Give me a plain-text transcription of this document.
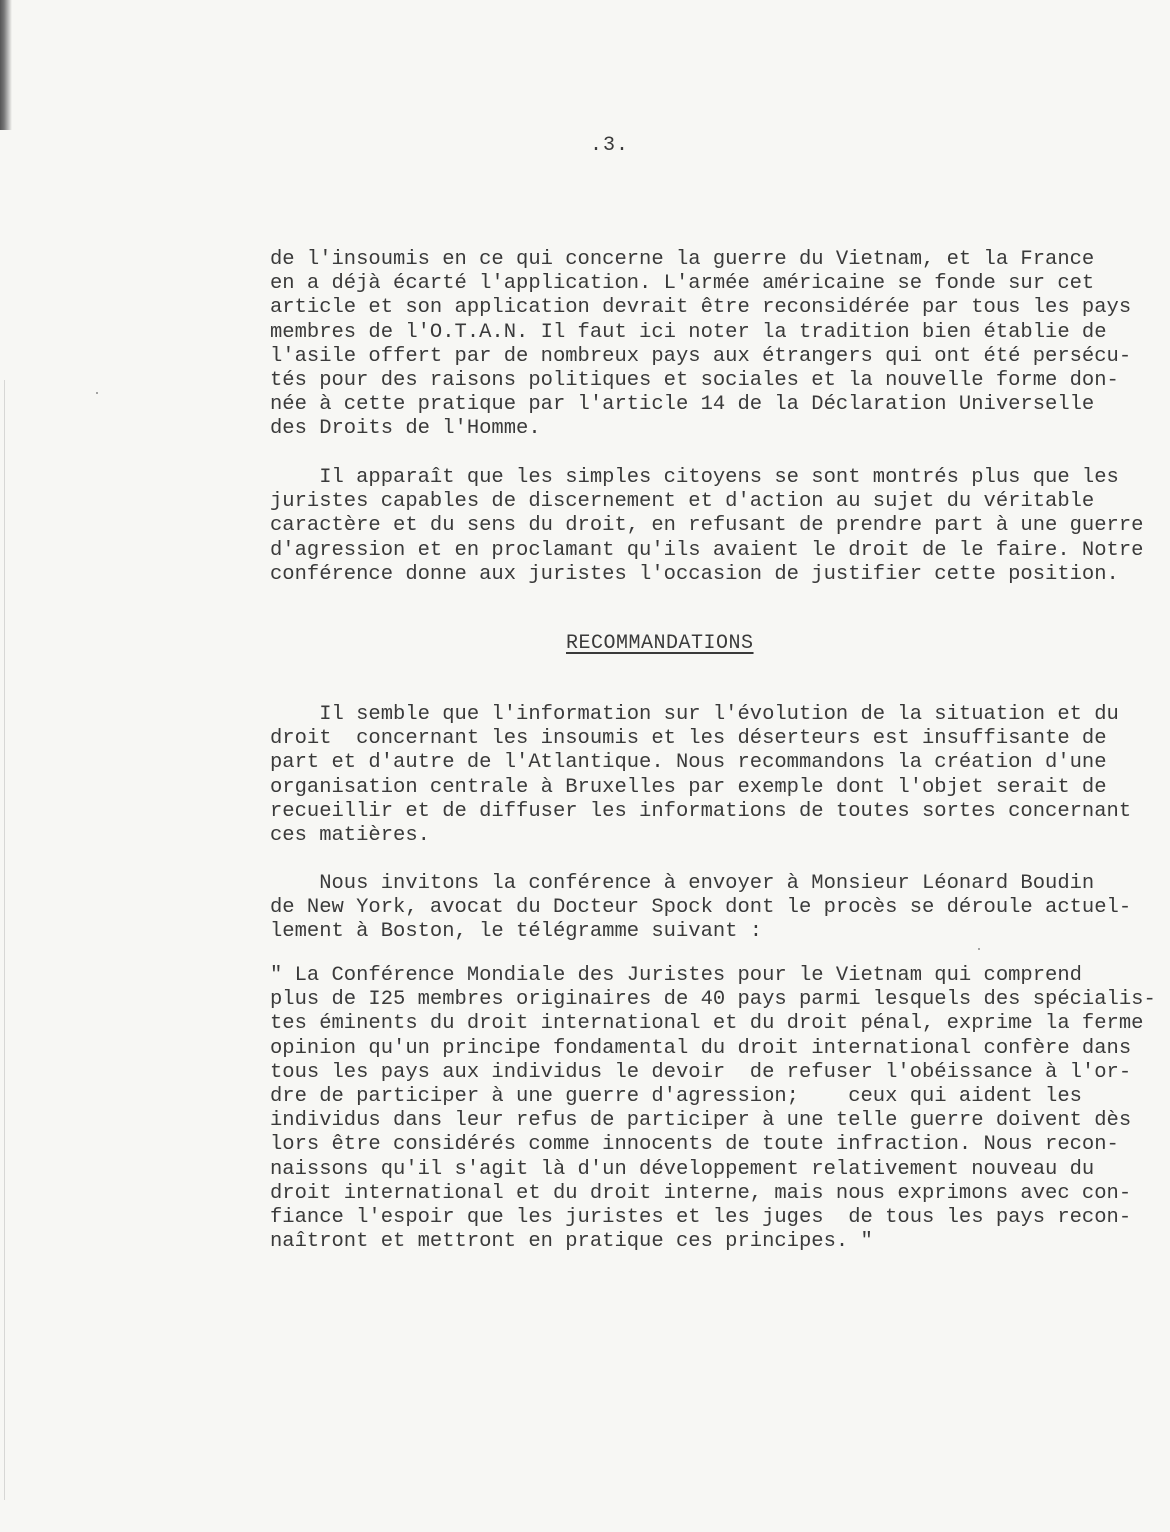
.3.
de l'insoumis en ce qui concerne la guerre du Vietnam, et la France
en a déjà écarté l'application. L'armée américaine se fonde sur cet
article et son application devrait être reconsidérée par tous les pays
membres de l'O.T.A.N. Il faut ici noter la tradition bien établie de
l'asile offert par de nombreux pays aux étrangers qui ont été persécu-
tés pour des raisons politiques et sociales et la nouvelle forme don-
née à cette pratique par l'article 14 de la Déclaration Universelle
des Droits de l'Homme.
Il apparaît que les simples citoyens se sont montrés plus que les
juristes capables de discernement et d'action au sujet du véritable
caractère et du sens du droit, en refusant de prendre part à une guerre
d'agression et en proclamant qu'ils avaient le droit de le faire. Notre
conférence donne aux juristes l'occasion de justifier cette position.
RECOMMANDATIONS
Il semble que l'information sur l'évolution de la situation et du
droit  concernant les insoumis et les déserteurs est insuffisante de
part et d'autre de l'Atlantique. Nous recommandons la création d'une
organisation centrale à Bruxelles par exemple dont l'objet serait de
recueillir et de diffuser les informations de toutes sortes concernant
ces matières.
Nous invitons la conférence à envoyer à Monsieur Léonard Boudin
de New York, avocat du Docteur Spock dont le procès se déroule actuel-
lement à Boston, le télégramme suivant :
" La Conférence Mondiale des Juristes pour le Vietnam qui comprend
plus de I25 membres originaires de 40 pays parmi lesquels des spécialis-
tes éminents du droit international et du droit pénal, exprime la ferme
opinion qu'un principe fondamental du droit international confère dans
tous les pays aux individus le devoir  de refuser l'obéissance à l'or-
dre de participer à une guerre d'agression;    ceux qui aident les
individus dans leur refus de participer à une telle guerre doivent dès
lors être considérés comme innocents de toute infraction. Nous recon-
naissons qu'il s'agit là d'un développement relativement nouveau du
droit international et du droit interne, mais nous exprimons avec con-
fiance l'espoir que les juristes et les juges  de tous les pays recon-
naîtront et mettront en pratique ces principes. "
